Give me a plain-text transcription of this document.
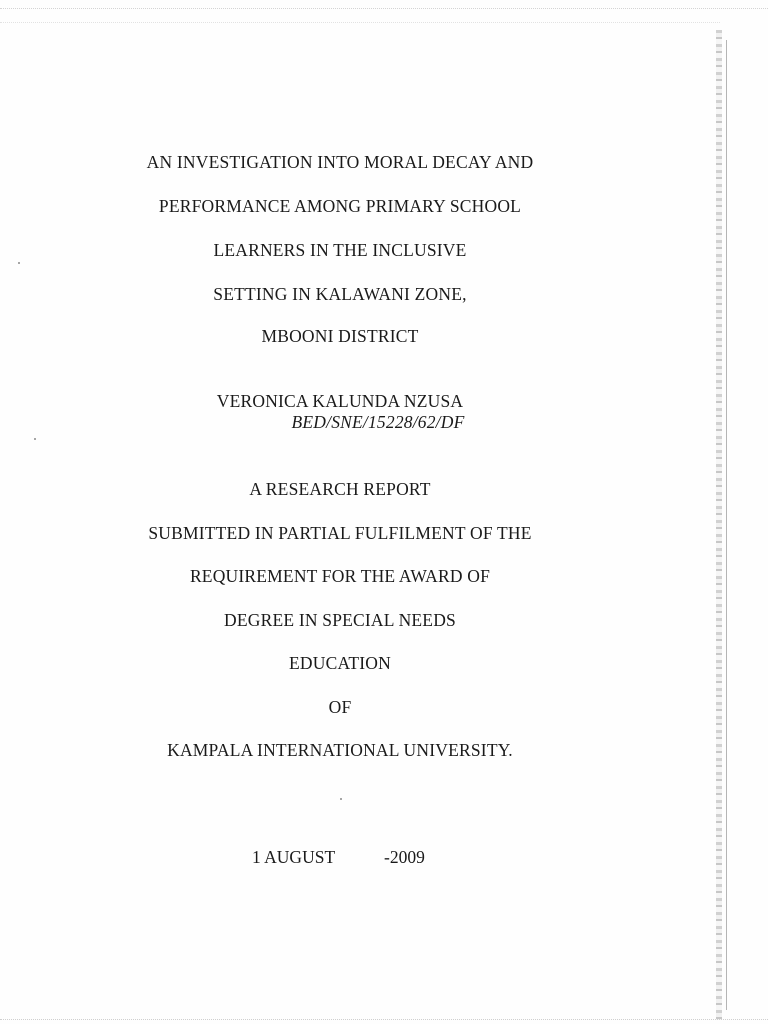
AN INVESTIGATION INTO MORAL DECAY AND
PERFORMANCE AMONG PRIMARY SCHOOL
LEARNERS IN THE INCLUSIVE
SETTING IN KALAWANI ZONE,
MBOONI DISTRICT
VERONICA KALUNDA NZUSA
BED/SNE/15228/62/DF
A RESEARCH REPORT
SUBMITTED IN PARTIAL FULFILMENT OF THE
REQUIREMENT FOR THE AWARD OF
DEGREE IN SPECIAL NEEDS
EDUCATION
OF
KAMPALA INTERNATIONAL UNIVERSITY.
1 AUGUST	-2009
